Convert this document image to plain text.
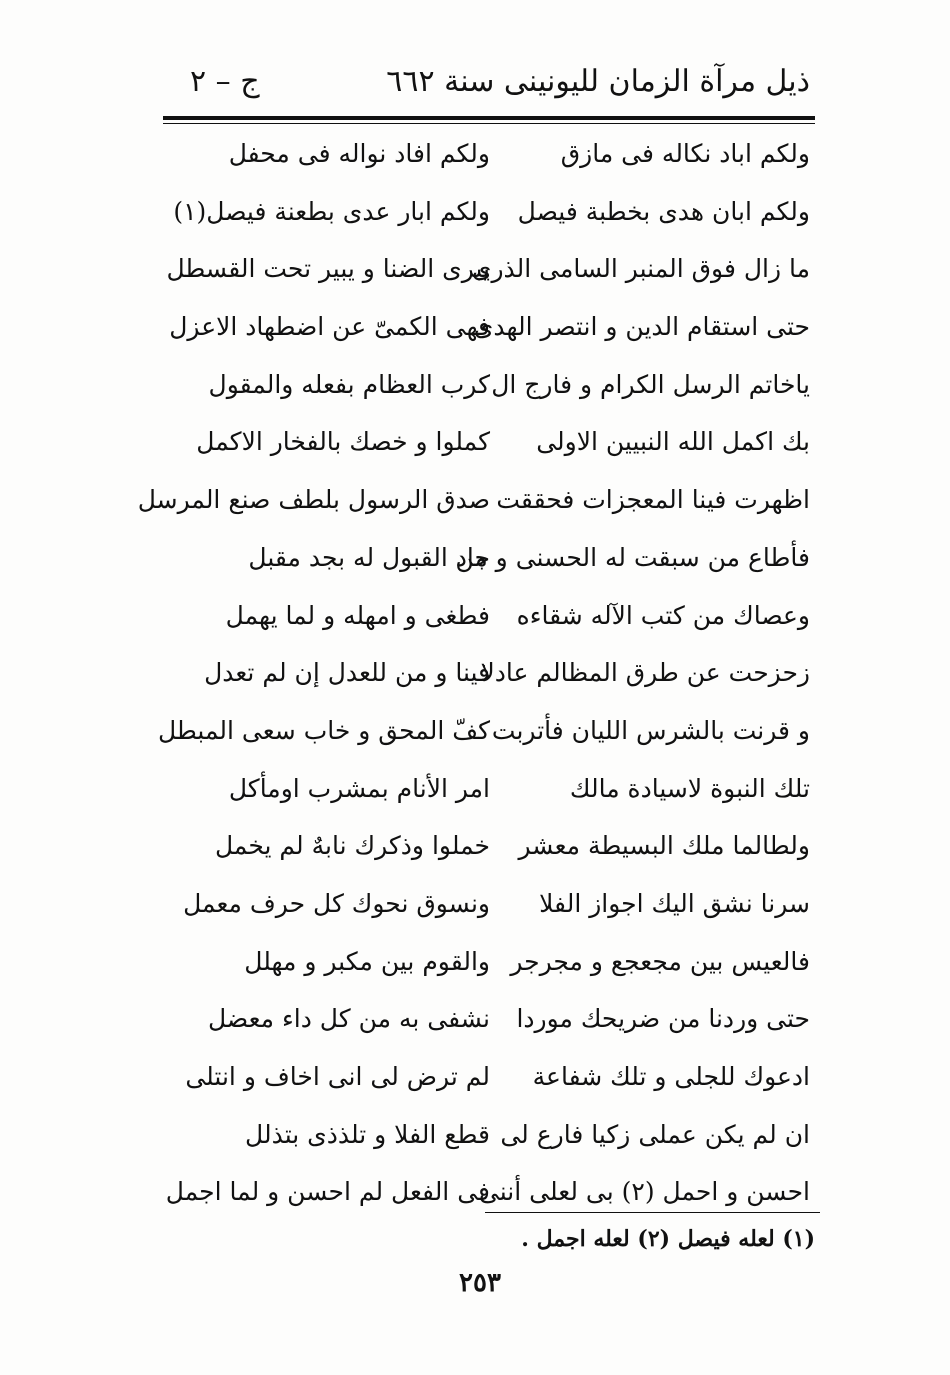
ذيل مرآة الزمان لليونينى سنة ٦٦٢
ج – ٢
ولكم اباد نكاله فى مازق
ولكم افاد نواله فى محفل
ولكم ابان هدى بخطبة فيصل
ولكم ابار عدى بطعنة فيصل(١)
ما زال فوق المنبر السامى الذرى
يبرى الضنا و يبير تحت القسطل
حتى استقام الدين و انتصر الهدى
فهى الكمىّ عن اضطهاد الاعزل
ياخاتم الرسل الكرام و فارج ال
كرب العظام بفعله والمقول
بك اكمل الله النبيين الاولى
كملوا و خصك بالفخار الاكمل
اظهرت فينا المعجزات فحققت
صدق الرسول بلطف صنع المرسل
فأطاع من سبقت له الحسنى و من
جاد القبول له بجد مقبل
وعصاك من كتب الآله شقاءه
فطغى و امهله و لما يهمل
زحزحت عن طرق المظالم عادلا
فينا و من للعدل إن لم تعدل
و قرنت بالشرس الليان فأتربت
كفّ المحق و خاب سعى المبطل
تلك النبوة لاسيادة مالك
امر الأنام بمشرب اومأكل
ولطالما ملك البسيطة معشر
خملوا وذكرك نابهٌ لم يخمل
سرنا نشق اليك اجواز الفلا
ونسوق نحوك كل حرف معمل
فالعيس بين مجعجع و مجرجر
والقوم بين مكبر و مهلل
حتى وردنا من ضريحك موردا
نشفى به من كل داء معضل
ادعوك للجلى و تلك شفاعة
لم ترض لى انى اخاف و انتلى
ان لم يكن عملى زكيا فارع لى
قطع الفلا و تلذذى بتذلل
احسن و احمل (٢) بى لعلى أننى
فى الفعل لم احسن و لما اجمل
(١) لعله فيصل (٢) لعله اجمل .
٢٥٣
